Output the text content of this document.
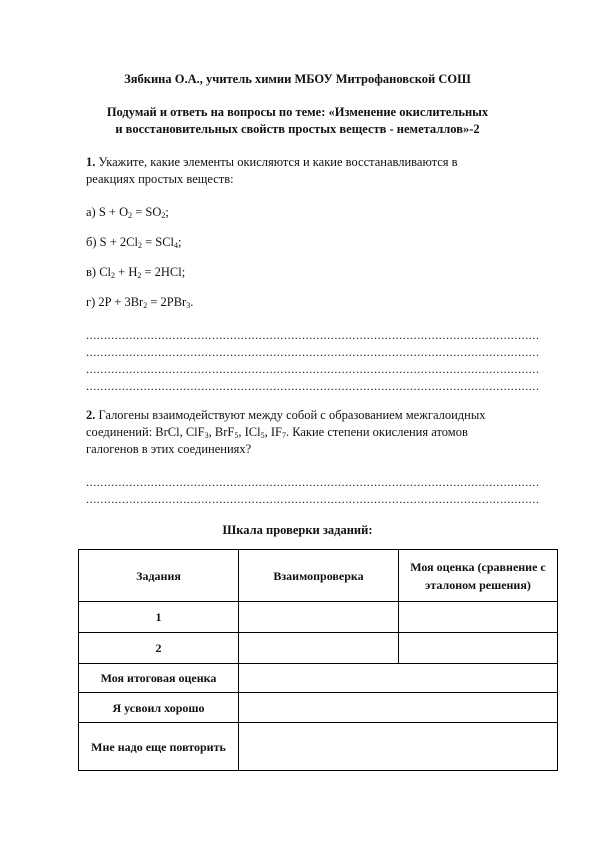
Зябкина О.А., учитель химии МБОУ Митрофановской СОШ
Подумай и ответь на вопросы по теме: «Изменение окислительных
и восстановительных свойств простых веществ - неметаллов»-2
1. Укажите, какие элементы окисляются и какие восстанавливаются в
реакциях простых веществ:
а) $S + O_2 = SO_2$;
б) $S + 2Cl_2 = SCl_4$;
в) $Cl_2 + H_2 = 2HCl$;
г) $2P + 3Br_2 = 2PBr_3$.
..............................................................................................................................
..............................................................................................................................
..............................................................................................................................
..............................................................................................................................
2. Галогены взаимодействуют между собой с образованием межгалоидных
соединений: BrCl, ClF$_3$, BrF$_5$, ICl$_5$, $IF_7$. Какие степени окисления атомов
галогенов в этих соединениях?
..............................................................................................................................
..............................................................................................................................
Шкала проверки заданий:
Задания	Взаимопроверка	Моя оценка (сравнение с эталоном решения)
1		
2		
Моя итоговая оценка		
Я усвоил хорошо		
Мне надо еще повторить		
